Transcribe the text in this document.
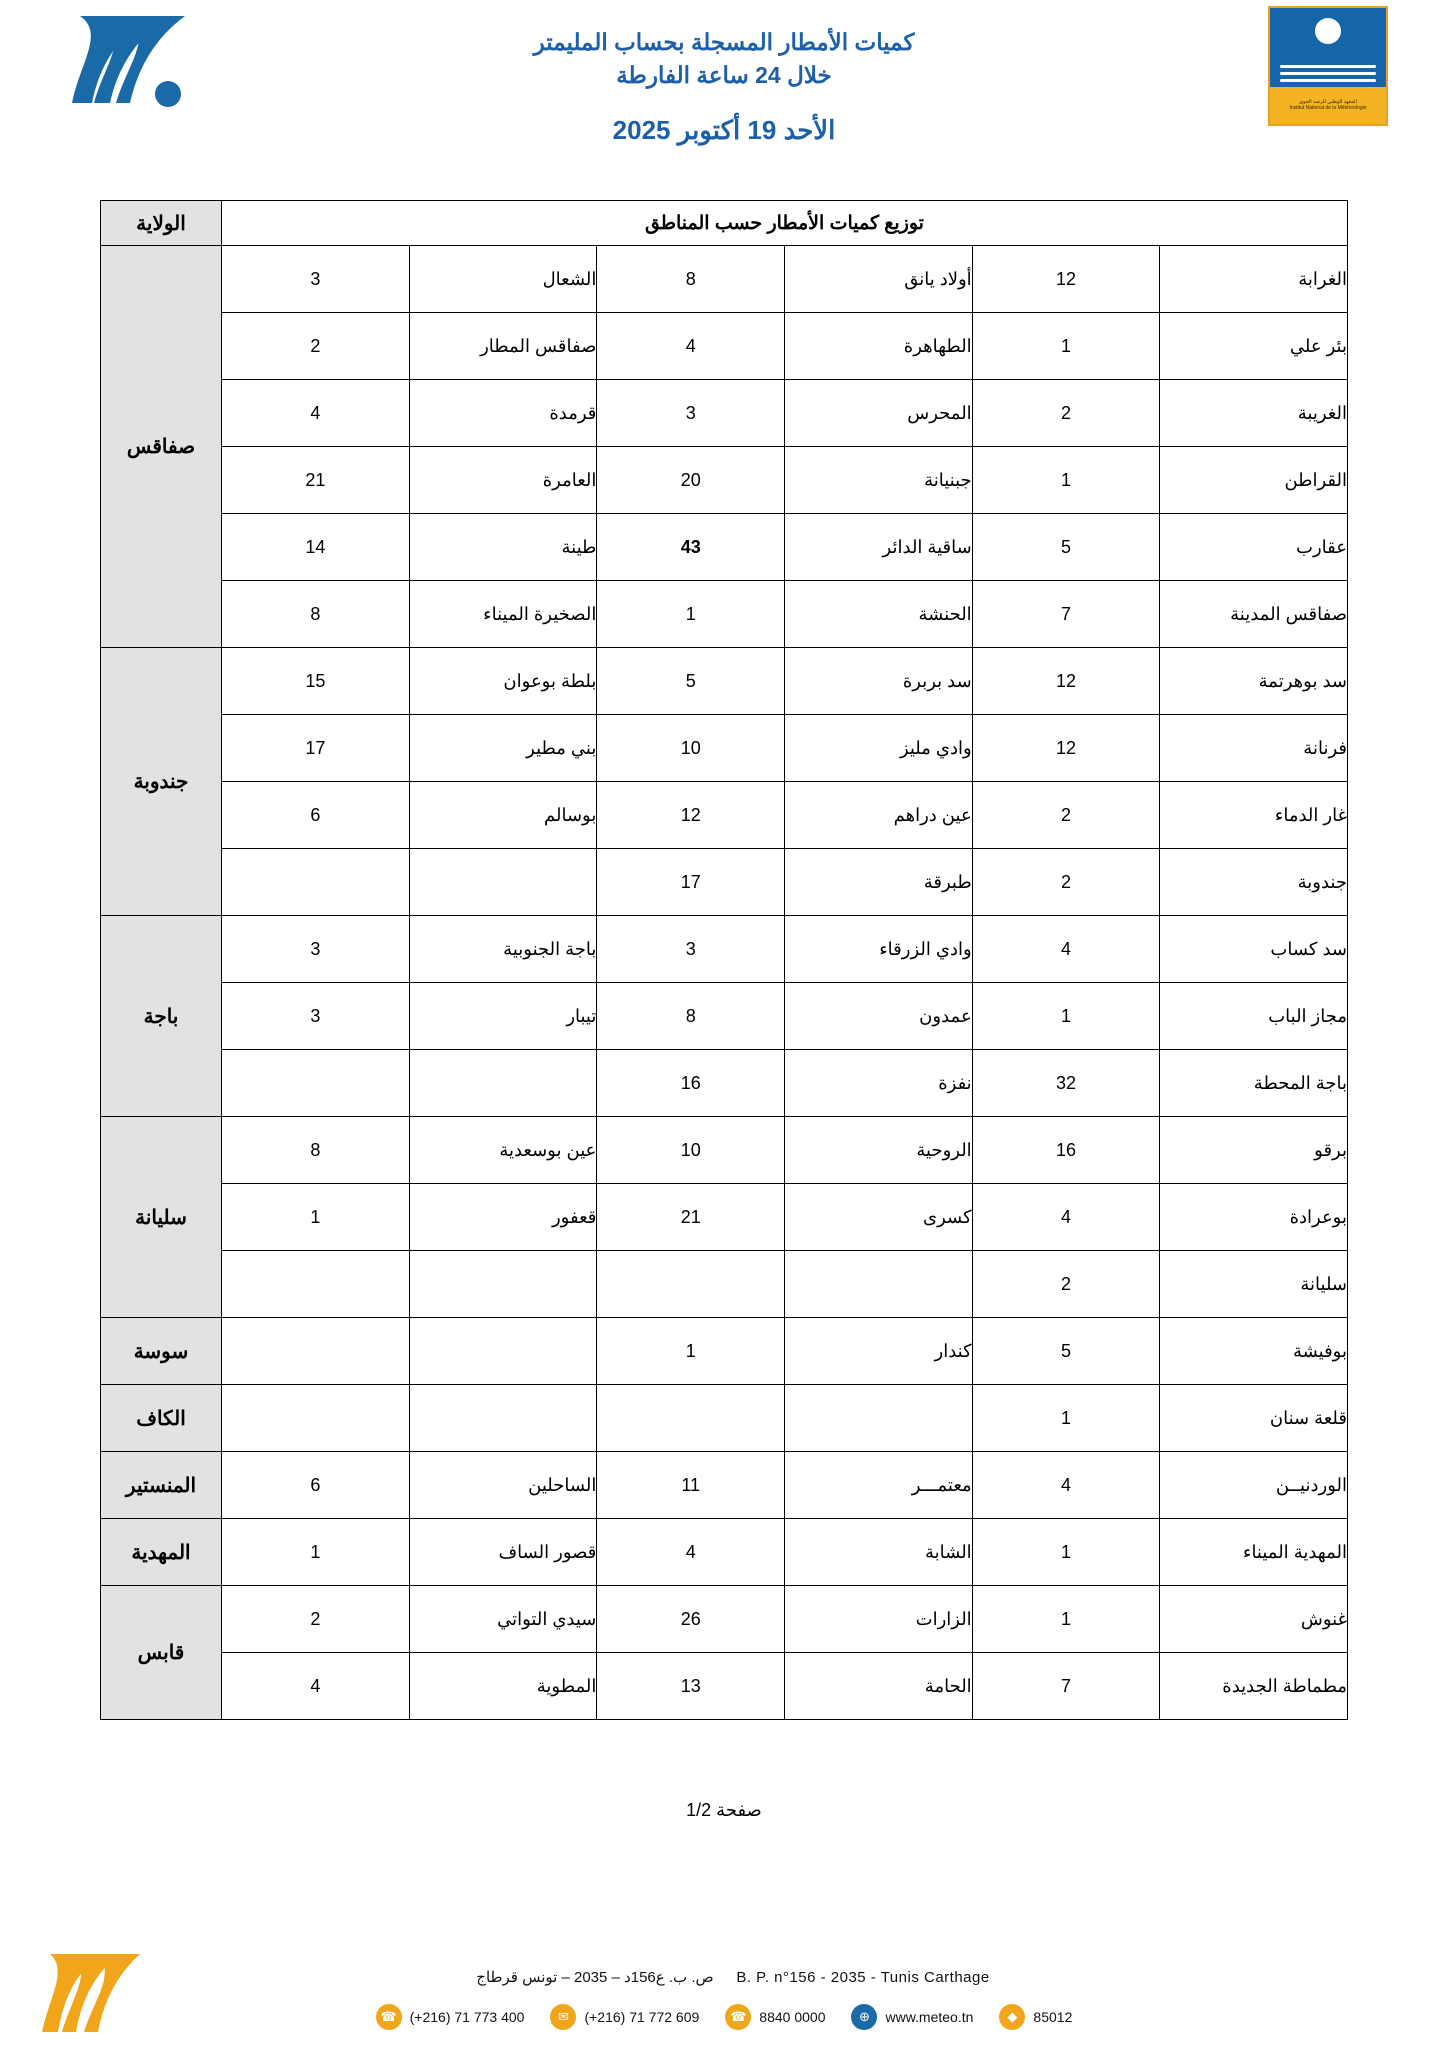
كميات الأمطار المسجلة بحساب المليمتر
خلال 24 ساعة الفارطة
الأحد 19 أكتوبر 2025
المعهد الوطني للرصد الجوي
Institut National de la Météorologie
توزيع كميات الأمطار حسب المناطق						الولاية
الغرابة	12	أولاد يانق	8	الشعال	3	صفاقس
بئر علي	1	الطهاهرة	4	صفاقس المطار	2	
الغريبة	2	المحرس	3	قرمدة	4	
القراطن	1	جبنيانة	20	العامرة	21	
عقارب	5	ساقية الدائر	43	طينة	14	
صفاقس المدينة	7	الحنشة	1	الصخيرة الميناء	8	
سد بوهرتمة	12	سد بربرة	5	بلطة بوعوان	15	جندوبة
فرنانة	12	وادي مليز	10	بني مطير	17	
غار الدماء	2	عين دراهم	12	بوسالم	6	
جندوبة	2	طبرقة	17			
سد كساب	4	وادي الزرقاء	3	باجة الجنوبية	3	باجة
مجاز الباب	1	عمدون	8	تيبار	3	
باجة المحطة	32	نفزة	16			
برقو	16	الروحية	10	عين بوسعدية	8	سليانة
بوعرادة	4	كسرى	21	قعفور	1	
سليانة	2					
بوفيشة	5	كندار	1			سوسة
قلعة سنان	1					الكاف
الوردنيــن	4	معتمـــر	11	الساحلين	6	المنستير
المهدية الميناء	1	الشابة	4	قصور الساف	1	المهدية
غنوش	1	الزارات	26	سيدي التواتي	2	قابس
مطماطة الجديدة	7	الحامة	13	المطوية	4	
صفحة 1/2
B. P. n°156 - 2035 - Tunis Carthage ص. ب. ع156د – 2035 – تونس قرطاج
☎ (+216) 71 773 400	✉	(+216) 71 772 609	☎ 8840 0000	⊕	www.meteo.tn	◆	85012
